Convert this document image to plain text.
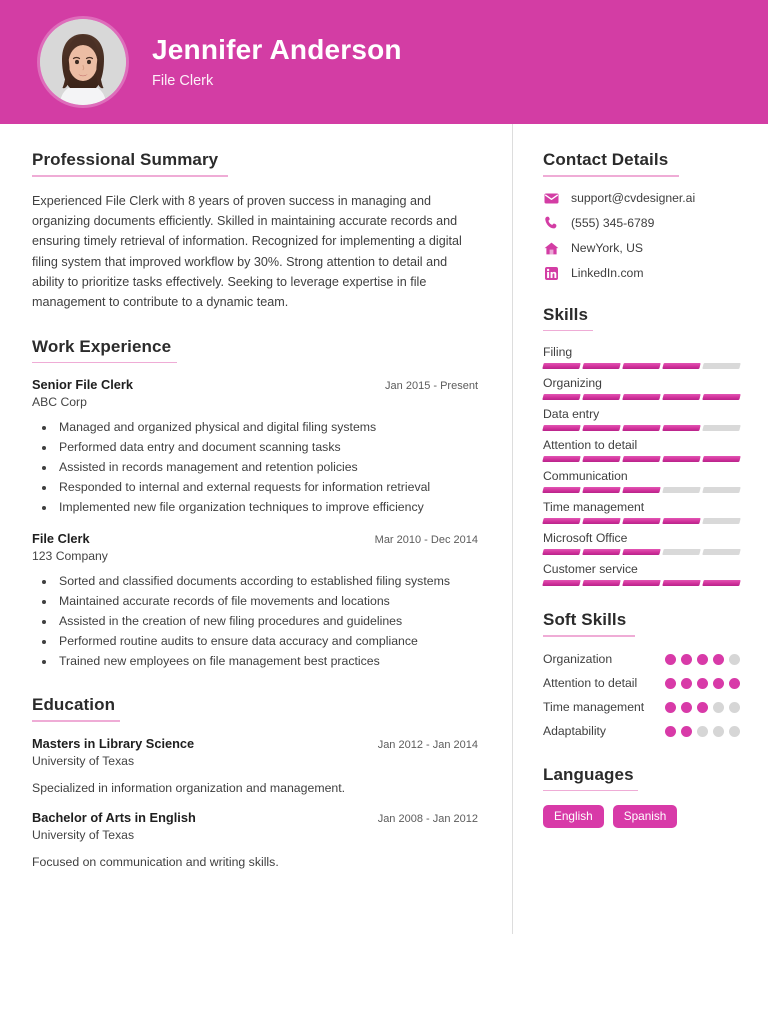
Jennifer Anderson
File Clerk
Professional Summary
Experienced File Clerk with 8 years of proven success in managing and organizing documents efficiently. Skilled in maintaining accurate records and ensuring timely retrieval of information. Recognized for implementing a digital filing system that improved workflow by 30%. Strong attention to detail and ability to prioritize tasks effectively. Seeking to leverage expertise in file management to contribute to a dynamic team.
Work Experience
Senior File Clerk	Jan 2015 - Present
ABC Corp
• Managed and organized physical and digital filing systems
• Performed data entry and document scanning tasks
• Assisted in records management and retention policies
• Responded to internal and external requests for information retrieval
• Implemented new file organization techniques to improve efficiency
File Clerk	Mar 2010 - Dec 2014
123 Company
• Sorted and classified documents according to established filing systems
• Maintained accurate records of file movements and locations
• Assisted in the creation of new filing procedures and guidelines
• Performed routine audits to ensure data accuracy and compliance
• Trained new employees on file management best practices
Education
Masters in Library Science	Jan 2012 - Jan 2014
University of Texas
Specialized in information organization and management.
Bachelor of Arts in English	Jan 2008 - Jan 2012
University of Texas
Focused on communication and writing skills.
Contact Details
support@cvdesigner.ai
(555) 345-6789
NewYork, US
LinkedIn.com
Skills
Filing
Organizing
Data entry
Attention to detail
Communication
Time management
Microsoft Office
Customer service
Soft Skills
Organization
Attention to detail
Time management
Adaptability
Languages
English	Spanish
